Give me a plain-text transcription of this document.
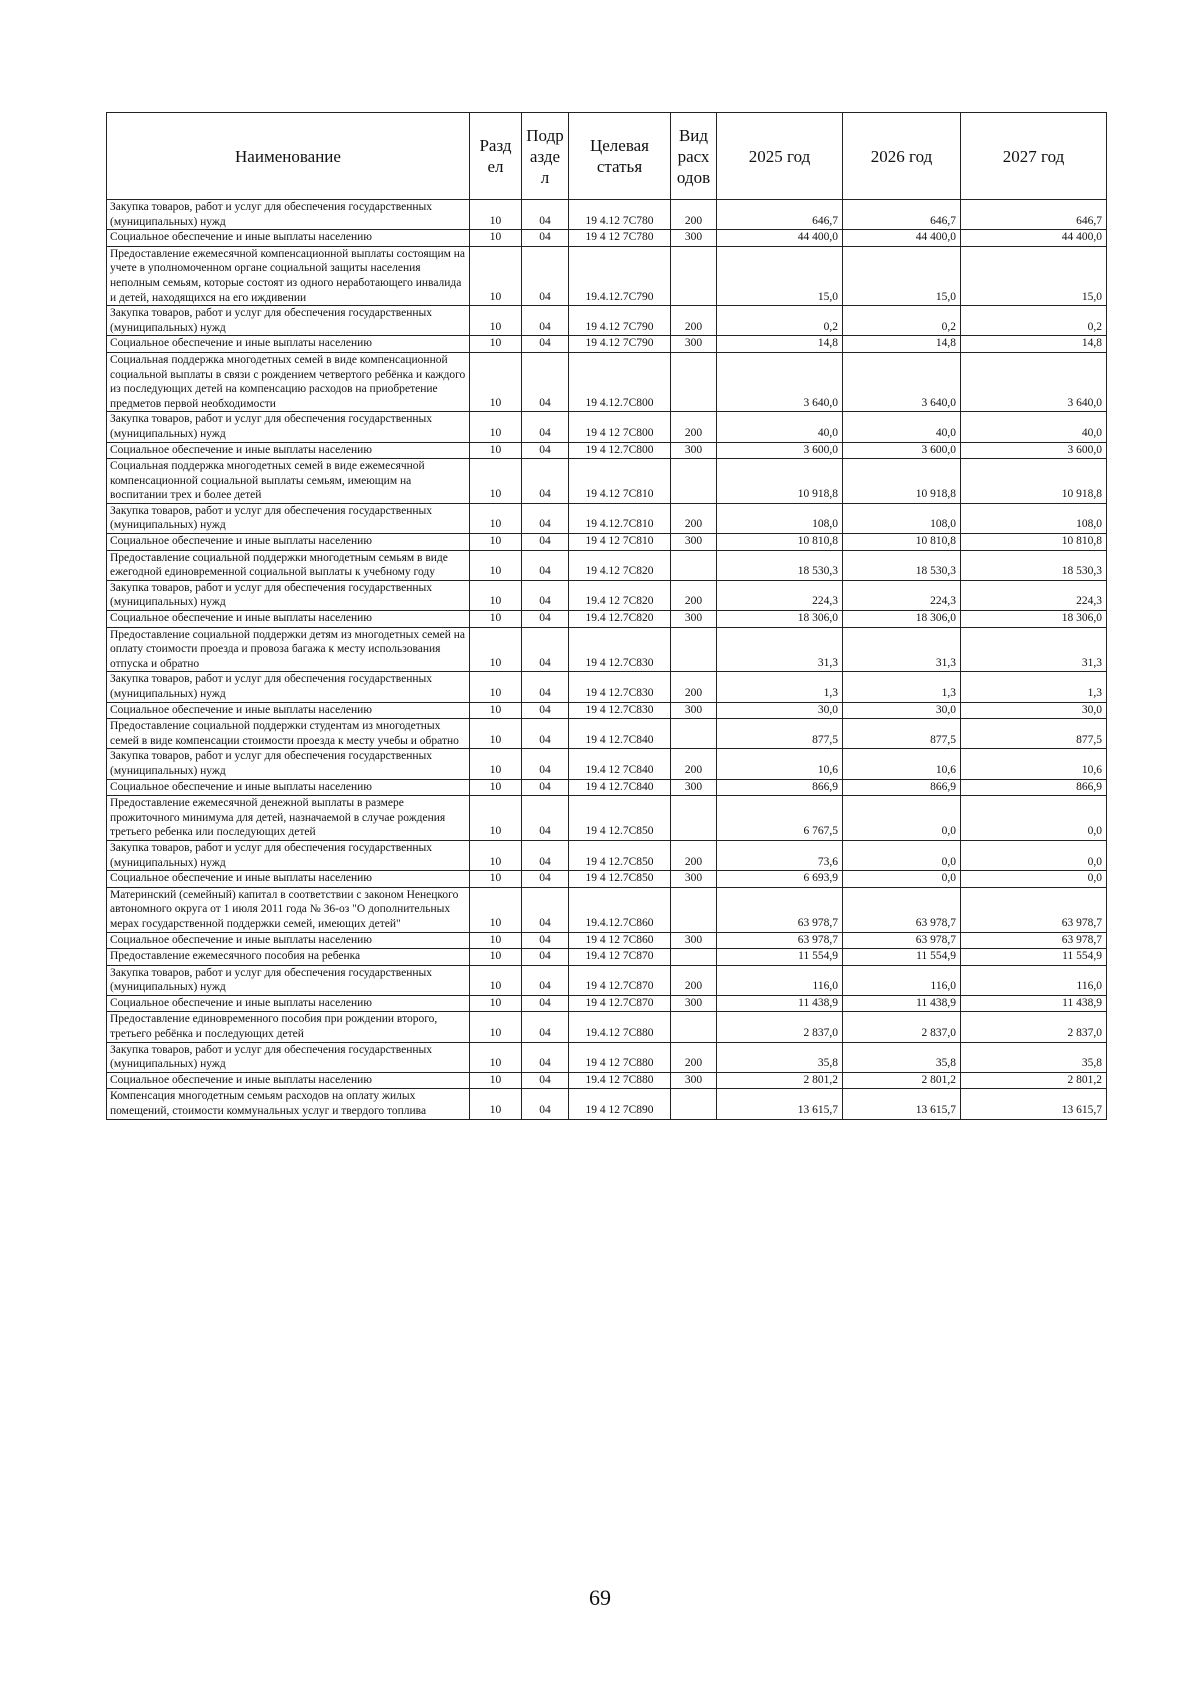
Наименование	Разд ел	Подр азде л	Целевая статья	Вид расх одов	2025 год	2026 год	2027 год
Закупка товаров, работ и услуг для обеспечения государственных (муниципальных) нужд	10	04	19 4.12 7С780	200	646,7	646,7	646,7
Социальное обеспечение и иные выплаты населению	10	04	19 4 12 7С780	300	44 400,0	44 400,0	44 400,0
Предоставление ежемесячной компенсационной выплаты состоящим на учете в уполномоченном органе социальной защиты населения неполным семьям, которые состоят из одного неработающего инвалида и детей, находящихся на его иждивении	10	04	19.4.12.7С790		15,0	15,0	15,0
Закупка товаров, работ и услуг для обеспечения государственных (муниципальных) нужд	10	04	19 4.12 7С790	200	0,2	0,2	0,2
Социальное обеспечение и иные выплаты населению	10	04	19 4.12 7С790	300	14,8	14,8	14,8
Социальная поддержка многодетных семей в виде компенсационной социальной выплаты в связи с рождением четвертого ребёнка и каждого из последующих детей на компенсацию расходов на приобретение предметов первой необходимости	10	04	19 4.12.7С800		3 640,0	3 640,0	3 640,0
Закупка товаров, работ и услуг для обеспечения государственных (муниципальных) нужд	10	04	19 4 12 7С800	200	40,0	40,0	40,0
Социальное обеспечение и иные выплаты населению	10	04	19 4 12.7С800	300	3 600,0	3 600,0	3 600,0
Социальная поддержка многодетных семей в виде ежемесячной компенсационной социальной выплаты семьям, имеющим на воспитании трех и более детей	10	04	19 4.12 7С810		10 918,8	10 918,8	10 918,8
Закупка товаров, работ и услуг для обеспечения государственных (муниципальных) нужд	10	04	19 4.12.7С810	200	108,0	108,0	108,0
Социальное обеспечение и иные выплаты населению	10	04	19 4 12 7С810	300	10 810,8	10 810,8	10 810,8
Предоставление социальной поддержки многодетным семьям в виде ежегодной единовременной социальной выплаты к учебному году	10	04	19 4.12 7С820		18 530,3	18 530,3	18 530,3
Закупка товаров, работ и услуг для обеспечения государственных (муниципальных) нужд	10	04	19.4 12 7С820	200	224,3	224,3	224,3
Социальное обеспечение и иные выплаты населению	10	04	19.4 12.7С820	300	18 306,0	18 306,0	18 306,0
Предоставление социальной поддержки детям из многодетных семей на оплату стоимости проезда и провоза багажа к месту использования отпуска и обратно	10	04	19 4 12.7С830		31,3	31,3	31,3
Закупка товаров, работ и услуг для обеспечения государственных (муниципальных) нужд	10	04	19 4 12.7С830	200	1,3	1,3	1,3
Социальное обеспечение и иные выплаты населению	10	04	19 4 12.7С830	300	30,0	30,0	30,0
Предоставление социальной поддержки студентам из многодетных семей в виде компенсации стоимости проезда к месту учебы и обратно	10	04	19 4 12.7С840		877,5	877,5	877,5
Закупка товаров, работ и услуг для обеспечения государственных (муниципальных) нужд	10	04	19.4 12 7С840	200	10,6	10,6	10,6
Социальное обеспечение и иные выплаты населению	10	04	19 4 12.7С840	300	866,9	866,9	866,9
Предоставление ежемесячной денежной выплаты в размере прожиточного минимума для детей, назначаемой в случае рождения третьего ребенка или последующих детей	10	04	19 4 12.7С850		6 767,5	0,0	0,0
Закупка товаров, работ и услуг для обеспечения государственных (муниципальных) нужд	10	04	19 4 12.7С850	200	73,6	0,0	0,0
Социальное обеспечение и иные выплаты населению	10	04	19 4 12.7С850	300	6 693,9	0,0	0,0
Материнский (семейный) капитал в соответствии с законом Ненецкого автономного округа от 1 июля 2011 года № 36-оз "О дополнительных мерах государственной поддержки семей, имеющих детей"	10	04	19.4.12.7С860		63 978,7	63 978,7	63 978,7
Социальное обеспечение и иные выплаты населению	10	04	19 4 12 7С860	300	63 978,7	63 978,7	63 978,7
Предоставление ежемесячного пособия на ребенка	10	04	19.4 12 7С870		11 554,9	11 554,9	11 554,9
Закупка товаров, работ и услуг для обеспечения государственных (муниципальных) нужд	10	04	19 4 12.7С870	200	116,0	116,0	116,0
Социальное обеспечение и иные выплаты населению	10	04	19 4 12.7С870	300	11 438,9	11 438,9	11 438,9
Предоставление единовременного пособия при рождении второго, третьего ребёнка и последующих детей	10	04	19.4.12 7С880		2 837,0	2 837,0	2 837,0
Закупка товаров, работ и услуг для обеспечения государственных (муниципальных) нужд	10	04	19 4 12 7С880	200	35,8	35,8	35,8
Социальное обеспечение и иные выплаты населению	10	04	19.4 12 7С880	300	2 801,2	2 801,2	2 801,2
Компенсация многодетным семьям расходов на оплату жилых помещений, стоимости коммунальных услуг и твердого топлива	10	04	19 4 12 7С890		13 615,7	13 615,7	13 615,7
69
